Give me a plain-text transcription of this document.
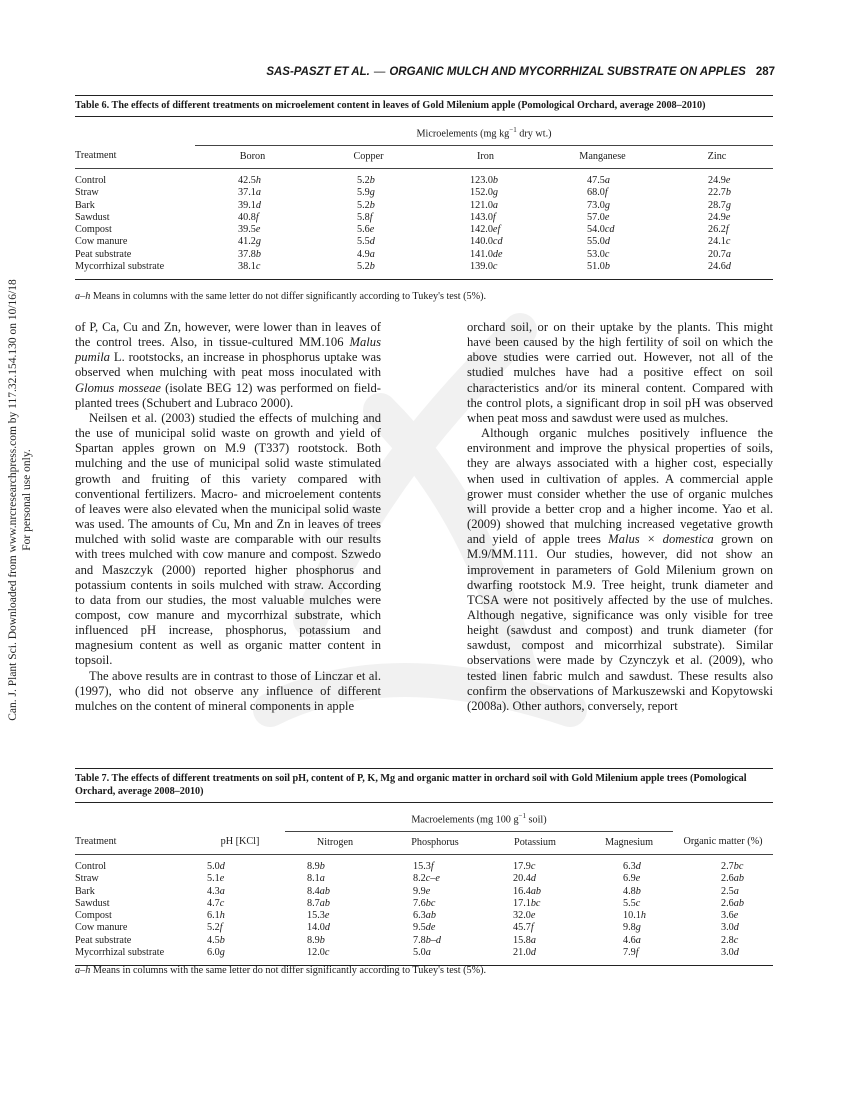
Can. J. Plant Sci. Downloaded from www.nrcresearchpress.com by 117.32.154.130 on 10/16/18 For personal use only.
SAS-PASZT ET AL. — ORGANIC MULCH AND MYCORRHIZAL SUBSTRATE ON APPLES 287
Table 6. The effects of different treatments on microelement content in leaves of Gold Milenium apple (Pomological Orchard, average 2008–2010)
	Microelements (mg $kg^{-1}$ dry wt.)				
Treatment	Boron	Copper	Iron	Manganese	Zinc
Control	42.5h	5.2b	123.0b	47.5a	24.9e
Straw	37.1a	5.9g	152.0g	68.0f	22.7b
Bark	39.1d	5.2b	121.0a	73.0g	28.7g
Sawdust	40.8f	5.8f	143.0f	57.0e	24.9e
Compost	39.5e	5.6e	142.0ef	54.0cd	26.2f
Cow manure	41.2g	5.5d	140.0cd	55.0d	24.1c
Peat substrate	37.8b	4.9a	141.0de	53.0c	20.7a
Mycorrhizal substrate	38.1c	5.2b	139.0c	51.0b	24.6d
a–h Means in columns with the same letter do not differ significantly according to Tukey's test (5%).

of P, Ca, Cu and Zn, however, were lower than in leaves of the control trees. Also, in tissue-cultured MM.106 Malus pumila L. rootstocks, an increase in phosphorus uptake was observed when mulching with peat moss inoculated with Glomus mosseae (isolate BEG 12) was performed on field-planted trees (Schubert and Lubraco 2000).

Neilsen et al. (2003) studied the effects of mulching and the use of municipal solid waste on growth and yield of Spartan apples grown on M.9 (T337) rootstock. Both mulching and the use of municipal solid waste stimulated growth and fruiting of this variety compared with conventional fertilizers. Macro- and microelement contents of leaves were also elevated when the municipal solid waste was used. The amounts of Cu, Mn and Zn in leaves of trees mulched with solid waste are comparable with our results with trees mulched with cow manure and compost. Szwedo and Maszczyk (2000) reported higher phosphorus and potassium contents in soils mulched with straw. According to data from our studies, the most valuable mulches were compost, cow manure and mycorrhizal substrate, which influenced pH increase, phosphorus, potassium and magnesium content as well as organic matter content in topsoil.

The above results are in contrast to those of Linczar et al. (1997), who did not observe any influence of different mulches on the content of mineral components in apple

orchard soil, or on their uptake by the plants. This might have been caused by the high fertility of soil on which the above studies were carried out. However, not all of the studied mulches have had a positive effect on soil characteristics and/or its mineral content. Compared with the control plots, a significant drop in soil pH was observed when peat moss and sawdust were used as mulches.

Although organic mulches positively influence the environment and improve the physical properties of soils, they are always associated with a higher cost, especially when used in cultivation of apples. A commercial apple grower must consider whether the use of organic mulches will provide a better crop and a higher income. Yao et al. (2009) showed that mulching increased vegetative growth and yield of apple trees Malus × domestica grown on M.9/MM.111. Our studies, however, did not show an improvement in parameters of Gold Milenium grown on dwarfing rootstock M.9. Tree height, trunk diameter and TCSA were not positively affected by the use of mulches. Although negative, significance was only visible for tree height (sawdust and compost) and trunk diameter (for sawdust, compost and micorrhizal substrate). Similar observations were made by Czynczyk et al. (2009), who tested linen fabric mulch and sawdust. These results also confirm the observations of Markuszewski and Kopytowski (2008a). Other authors, conversely, report

Table 7. The effects of different treatments on soil pH, content of P, K, Mg and organic matter in orchard soil with Gold Milenium apple trees (Pomological Orchard, average 2008–2010)
		Macroelements (mg 100 $g^{-1}$ soil)				
Treatment	pH [KCl]	Nitrogen	Phosphorus	Potassium	Magnesium	Organic matter (%)
Control	5.0d	8.9b	15.3f	17.9c	6.3d	2.7bc
Straw	5.1e	8.1a	8.2c–e	20.4d	6.9e	2.6ab
Bark	4.3a	8.4ab	9.9e	16.4ab	4.8b	2.5a
Sawdust	4.7c	8.7ab	7.6bc	17.1bc	5.5c	2.6ab
Compost	6.1h	15.3e	6.3ab	32.0e	10.1h	3.6e
Cow manure	5.2f	14.0d	9.5de	45.7f	9.8g	3.0d
Peat substrate	4.5b	8.9b	7.8b–d	15.8a	4.6a	2.8c
Mycorrhizal substrate	6.0g	12.0c	5.0a	21.0d	7.9f	3.0d
a–h Means in columns with the same letter do not differ significantly according to Tukey's test (5%).
